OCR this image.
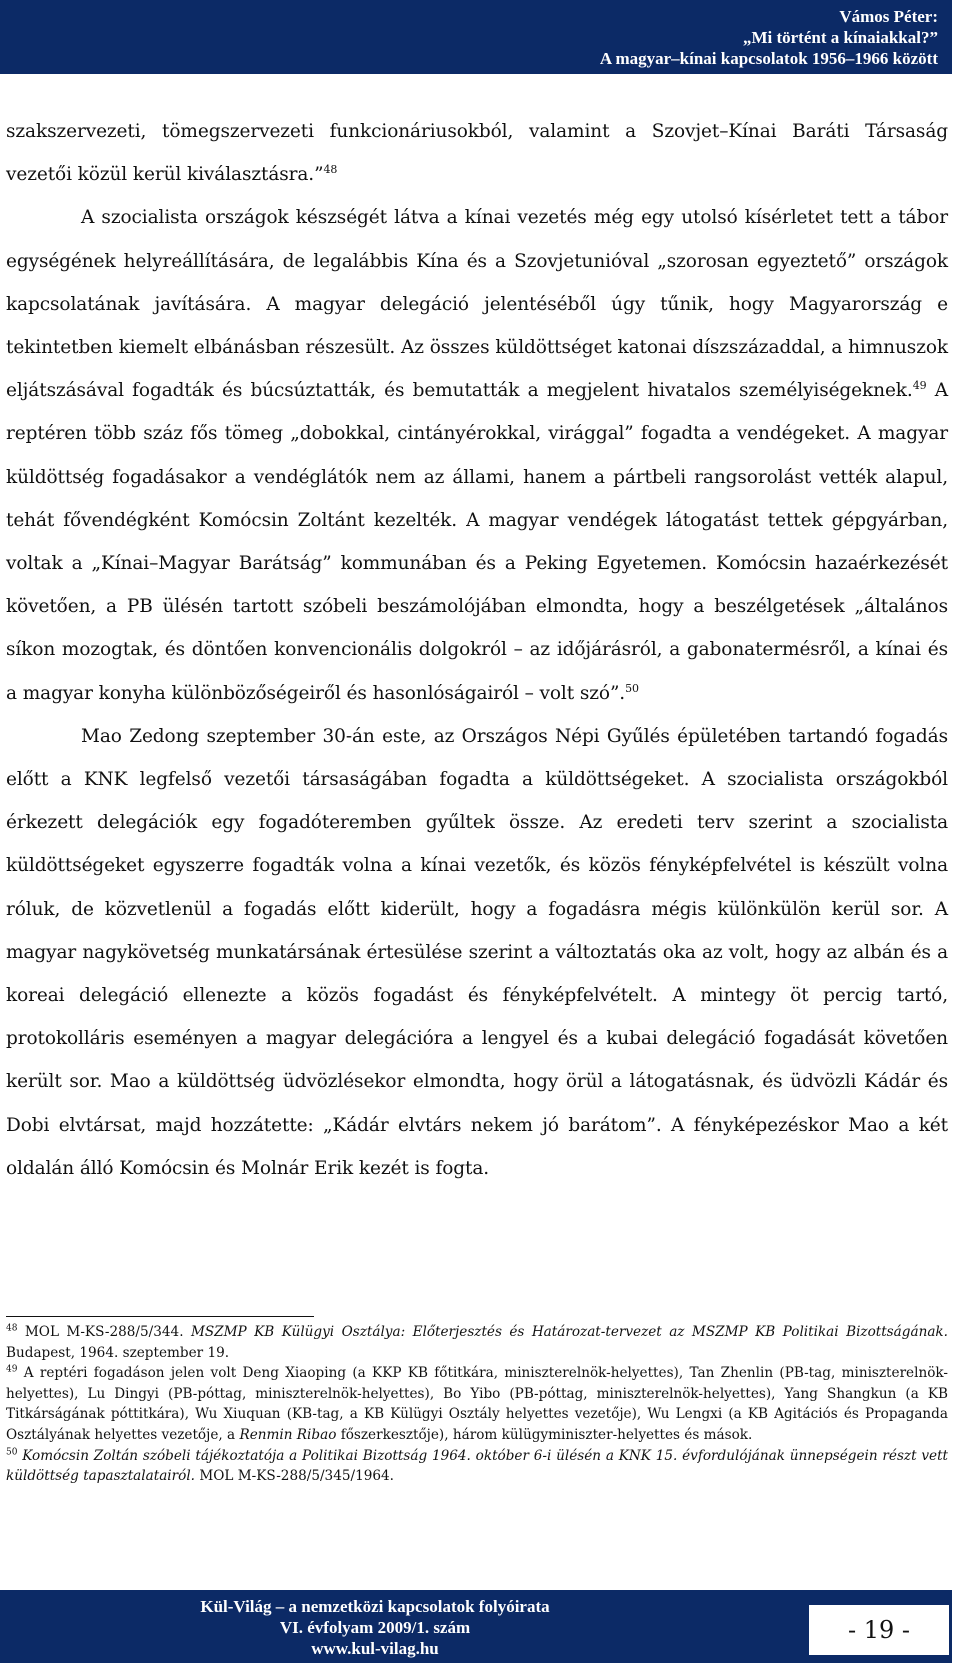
Vámos Péter:
„Mi történt a kínaiakkal?”
A magyar–kínai kapcsolatok 1956–1966 között

szakszervezeti, tömegszervezeti funkcionáriusokból, valamint a Szovjet–Kínai Baráti Társaság vezetői közül kerül kiválasztásra.”$^{48}$

A szocialista országok készségét látva a kínai vezetés még egy utolsó kísérletet tett a tábor egységének helyreállítására, de legalábbis Kína és a Szovjetunióval „szorosan egyeztető” országok kapcsolatának javítására. A magyar delegáció jelentéséből úgy tűnik, hogy Magyarország e tekintetben kiemelt elbánásban részesült. Az összes küldöttséget katonai díszszázaddal, a himnuszok eljátszásával fogadták és búcsúztatták, és bemutatták a megjelent hivatalos személyiségeknek.$^{49}$ A reptéren több száz fős tömeg „dobokkal, cintányérokkal, virággal” fogadta a vendégeket. A magyar küldöttség fogadásakor a vendéglátók nem az állami, hanem a pártbeli rangsorolást vették alapul, tehát fővendégként Komócsin Zoltánt kezelték. A magyar vendégek látogatást tettek gépgyárban, voltak a „Kínai–Magyar Barátság” kommunában és a Peking Egyetemen. Komócsin hazaérkezését követően, a PB ülésén tartott szóbeli beszámolójában elmondta, hogy a beszélgetések „általános síkon mozogtak, és döntően konvencionális dolgokról – az időjárásról, a gabonatermésről, a kínai és a magyar konyha különbözőségeiről és hasonlóságairól – volt szó”.$^{50}$

Mao Zedong szeptember 30-án este, az Országos Népi Gyűlés épületében tartandó fogadás előtt a KNK legfelső vezetői társaságában fogadta a küldöttségeket. A szocialista országokból érkezett delegációk egy fogadóteremben gyűltek össze. Az eredeti terv szerint a szocialista küldöttségeket egyszerre fogadták volna a kínai vezetők, és közös fényképfelvétel is készült volna róluk, de közvetlenül a fogadás előtt kiderült, hogy a fogadásra mégis különkülön kerül sor. A magyar nagykövetség munkatársának értesülése szerint a változtatás oka az volt, hogy az albán és a koreai delegáció ellenezte a közös fogadást és fényképfelvételt. A mintegy öt percig tartó, protokolláris eseményen a magyar delegációra a lengyel és a kubai delegáció fogadását követően került sor. Mao a küldöttség üdvözlésekor elmondta, hogy örül a látogatásnak, és üdvözli Kádár és Dobi elvtársat, majd hozzátette: „Kádár elvtárs nekem jó barátom”. A fényképezéskor Mao a két oldalán álló Komócsin és Molnár Erik kezét is fogta.

$^{48}$ MOL M-KS-288/5/344. MSZMP KB Külügyi Osztálya: Előterjesztés és Határozat-tervezet az MSZMP KB Politikai Bizottságának. Budapest, 1964. szeptember 19.

$^{49}$ A reptéri fogadáson jelen volt Deng Xiaoping (a KKP KB főtitkára, miniszterelnök-helyettes), Tan Zhenlin (PB-tag, miniszterelnök-helyettes), Lu Dingyi (PB-póttag, miniszterelnök-helyettes), Bo Yibo (PB-póttag, miniszterelnök-helyettes), Yang Shangkun (a KB Titkárságának póttitkára), Wu Xiuquan (KB-tag, a KB Külügyi Osztály helyettes vezetője), Wu Lengxi (a KB Agitációs és Propaganda Osztályának helyettes vezetője, a Renmin Ribao főszerkesztője), három külügyminiszter-helyettes és mások.

$^{50}$ Komócsin Zoltán szóbeli tájékoztatója a Politikai Bizottság 1964. október 6-i ülésén a KNK 15. évfordulójának ünnepségein részt vett küldöttség tapasztalatairól. MOL M-KS-288/5/345/1964.

Kül-Világ – a nemzetközi kapcsolatok folyóirata
VI. évfolyam 2009/1. szám
www.kul-vilag.hu
- 19 -
